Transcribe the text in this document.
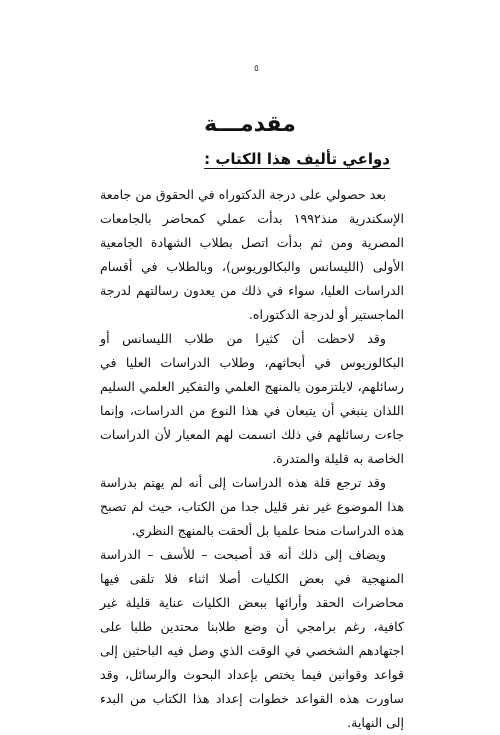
٥
مقدمـــة
دواعي تأليف هذا الكتاب :

بعد حصولي على درجة الدكتوراه في الحقوق من جامعة الإسكندرية منذ١٩٩٢ بدأت عملي كمحاضر بالجامعات المصرية ومن ثم بدأت اتصل بطلاب الشهادة الجامعية الأولى (الليسانس والبكالوريوس)، وبالطلاب في أقسام الدراسات العليا، سواء في ذلك من يعدون رسالتهم لدرجة الماجستير أو لدرجة الدكتوراه.

وقد لاحظت أن كثيرا من طلاب الليسانس أو البكالوريوس في أبحاثهم، وطلاب الدراسات العليا في رسائلهم، لايلتزمون بالمنهج العلمي والتفكير العلمي السليم اللذان ينبغي أن يتبعان في هذا النوع من الدراسات، وإنما جاءت رسائلهم في ذلك اتسمت لهم المعيار لأن الدراسات الخاصة به قليلة والمتدرة.

وقد ترجع قلة هذه الدراسات إلى أنه لم يهتم بدراسة هذا الموضوع غير نفر قليل جدا من الكتاب، حيث لم تصبح هذه الدراسات منحا علميا بل ألحقت بالمنهج النظري.

ويضاف إلى ذلك أنه قد أصبحت – للأسف – الدراسة المنهجية في بعض الكليات أصلا اثناء فلا تلقى فيها محاضرات الحقد وأرائها ببعض الكليات عناية قليلة غير كافية، رغم برامجي أن وضع طلابنا محتدين طلبا على اجتهادهم الشخصي في الوقت الذي وصل فيه الباحثين إلى قواعد وقوانين فيما يختص بإعداد البحوث والرسائل، وقد ساورت هذه القواعد خطوات إعداد هذا الكتاب من البدء إلى النهاية.
